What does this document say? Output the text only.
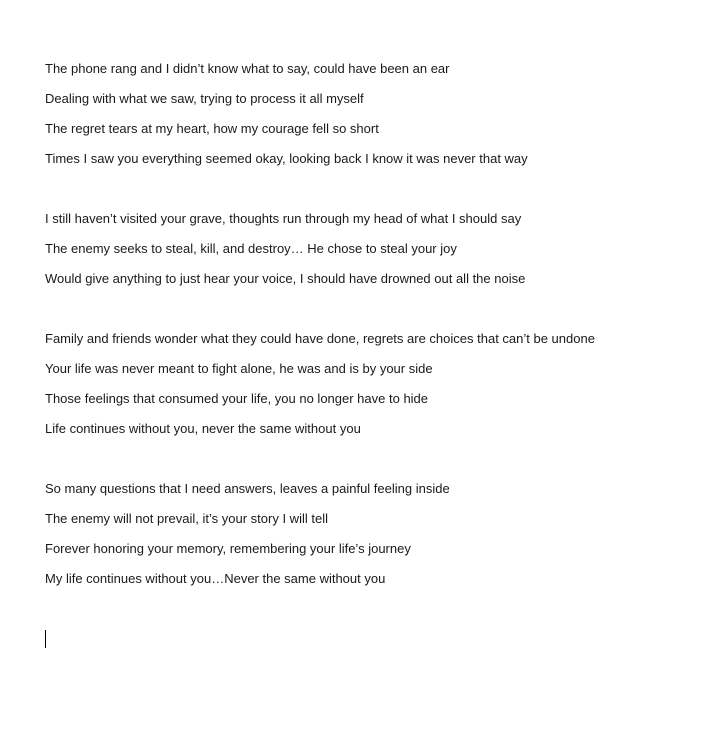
The phone rang and I didn’t know what to say, could have been an ear
Dealing with what we saw, trying to process it all myself
The regret tears at my heart, how my courage fell so short
Times I saw you everything seemed okay, looking back I know it was never that way
I still haven’t visited your grave, thoughts run through my head of what I should say
The enemy seeks to steal, kill, and destroy… He chose to steal your joy
Would give anything to just hear your voice, I should have drowned out all the noise
Family and friends wonder what they could have done, regrets are choices that can’t be undone
Your life was never meant to fight alone, he was and is by your side
Those feelings that consumed your life, you no longer have to hide
Life continues without you, never the same without you
So many questions that I need answers, leaves a painful feeling inside
The enemy will not prevail, it’s your story I will tell
Forever honoring your memory, remembering your life’s journey
My life continues without you…Never the same without you
